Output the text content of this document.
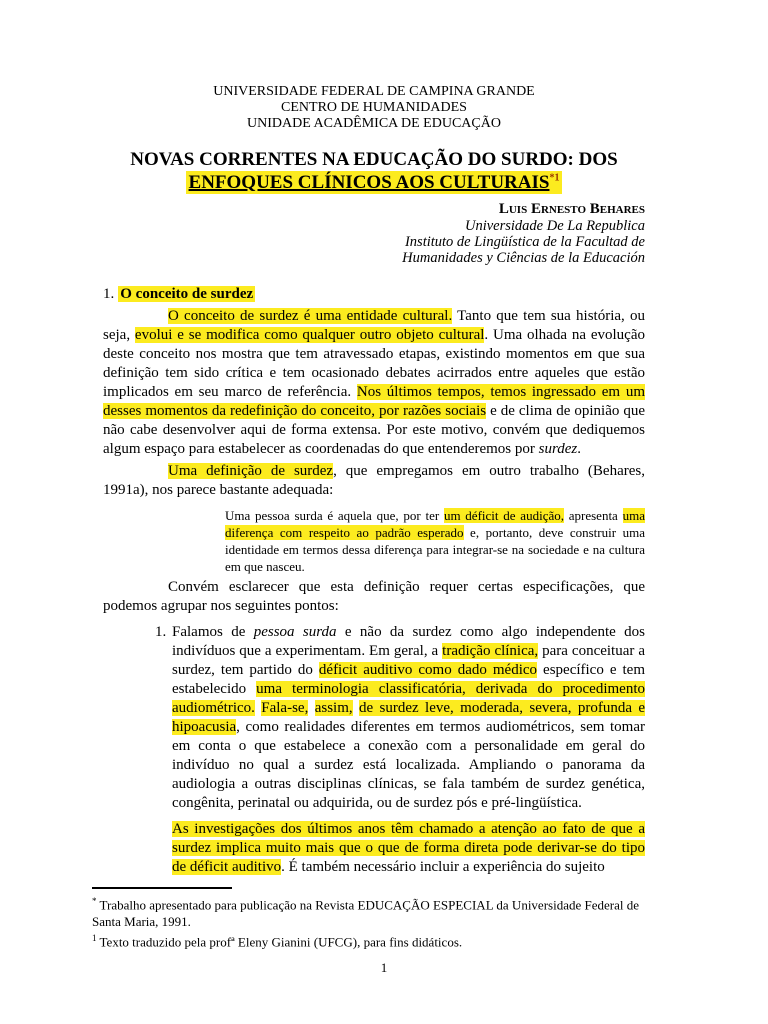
UNIVERSIDADE FEDERAL DE CAMPINA GRANDE
CENTRO DE HUMANIDADES
UNIDADE ACADÊMICA DE EDUCAÇÃO
NOVAS CORRENTES NA EDUCAÇÃO DO SURDO: DOS
ENFOQUES CLÍNICOS AOS CULTURAIS$^{*1}$
Luis Ernesto Behares
Universidade De La Republica
Instituto de Lingüística de la Facultad de
Humanidades y Ciências de la Educación

1. O conceito de surdez

O conceito de surdez é uma entidade cultural. Tanto que tem sua história, ou seja, evolui e se modifica como qualquer outro objeto cultural. Uma olhada na evolução deste conceito nos mostra que tem atravessado etapas, existindo momentos em que sua definição tem sido crítica e tem ocasionado debates acirrados entre aqueles que estão implicados em seu marco de referência. Nos últimos tempos, temos ingressado em um desses momentos da redefinição do conceito, por razões sociais e de clima de opinião que não cabe desenvolver aqui de forma extensa. Por este motivo, convém que dediquemos algum espaço para estabelecer as coordenadas do que entenderemos por surdez.

Uma definição de surdez, que empregamos em outro trabalho (Behares, 1991a), nos parece bastante adequada:

Uma pessoa surda é aquela que, por ter um déficit de audição, apresenta uma diferença com respeito ao padrão esperado e, portanto, deve construir uma identidade em termos dessa diferença para integrar-se na sociedade e na cultura em que nasceu.

Convém esclarecer que esta definição requer certas especificações, que podemos agrupar nos seguintes pontos:

1. Falamos de pessoa surda e não da surdez como algo independente dos indivíduos que a experimentam. Em geral, a tradição clínica, para conceituar a surdez, tem partido do déficit auditivo como dado médico específico e tem estabelecido uma terminologia classificatória, derivada do procedimento audiométrico. Fala-se, assim, de surdez leve, moderada, severa, profunda e hipoacusia, como realidades diferentes em termos audiométricos, sem tomar em conta o que estabelece a conexão com a personalidade em geral do indivíduo no qual a surdez está localizada. Ampliando o panorama da audiologia a outras disciplinas clínicas, se fala também de surdez genética, congênita, perinatal ou adquirida, ou de surdez pós e pré-lingüística.

As investigações dos últimos anos têm chamado a atenção ao fato de que a surdez implica muito mais que o que de forma direta pode derivar-se do tipo de déficit auditivo. É também necessário incluir a experiência do sujeito

* Trabalho apresentado para publicação na Revista EDUCAÇÃO ESPECIAL da Universidade Federal de Santa Maria, 1991.
$^1$ Texto traduzido pela profª Eleny Gianini (UFCG), para fins didáticos.
1
